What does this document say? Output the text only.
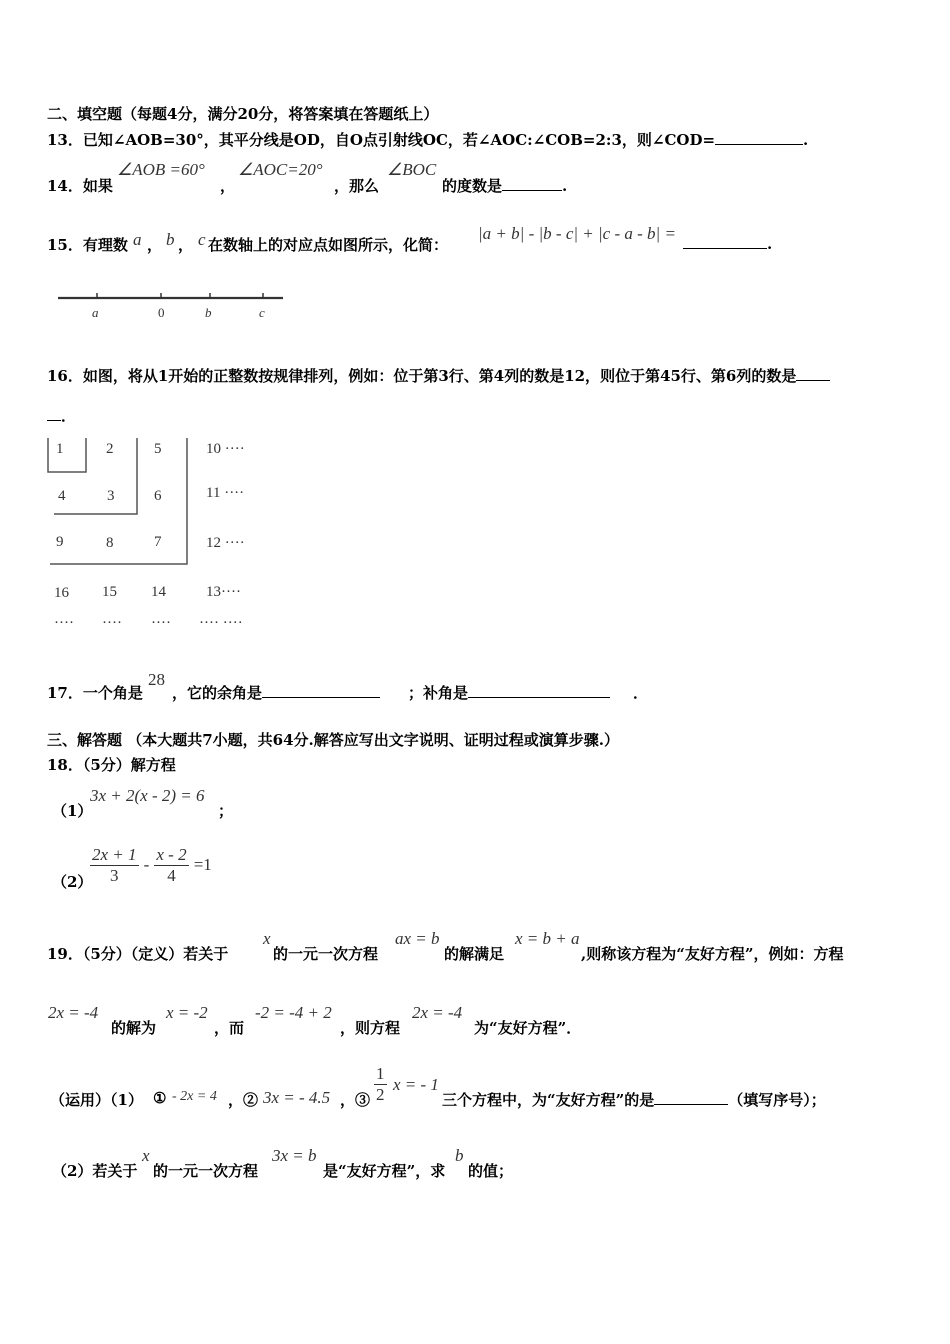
二、填空题（每题4分，满分20分，将答案填在答题纸上）
13．已知∠AOB=30°，其平分线是OD，自O点引射线OC，若∠AOC:∠COB=2:3，则∠COD=	.
14．如果
∠AOB =60°
，
∠AOC=20°
，那么
∠BOC
的度数是	.
15．有理数 a ， b ， c 在数轴上的对应点如图所示，化简：
|a + b| - |b - c| + |c - a - b| =
.
a	0	b	c
16．如图，将从1开始的正整数按规律排列，例如：位于第3行、第4列的数是12，则位于第45行、第6列的数是
．
1	2	5	10 ····
4	3	6	11 ····
9	8	7	12 ····
16 15 14	13····
···· ···· ···· ···· ····
17．一个角是
28
，它的余角是	；补角是	．
三、解答题 （本大题共7小题，共64分.解答应写出文字说明、证明过程或演算步骤.）
18．（5分）解方程
（1）
3x + 2(x - 2) = 6
；
（2）
$\frac{2x + 1}{3} - \frac{x - 2}{4} =1$
19．（5分）（定义）若关于
x
的一元一次方程
ax = b
的解满足
x = b + a
,则称该方程为“友好方程”，例如：方程
2x = -4
的解为
x = -2
，而
-2 = -4 + 2
，则方程
2x = -4
为“友好方程”．
（运用）（1） ① - 2x = 4 ，② 3x = - 4.5 ，③ $\frac{1}{2}$ x = - 1
三个方程中，为“友好方程”的是	（填写序号）；
（2）若关于
x
的一元一次方程
3x = b
是“友好方程”，求
b
的值；
